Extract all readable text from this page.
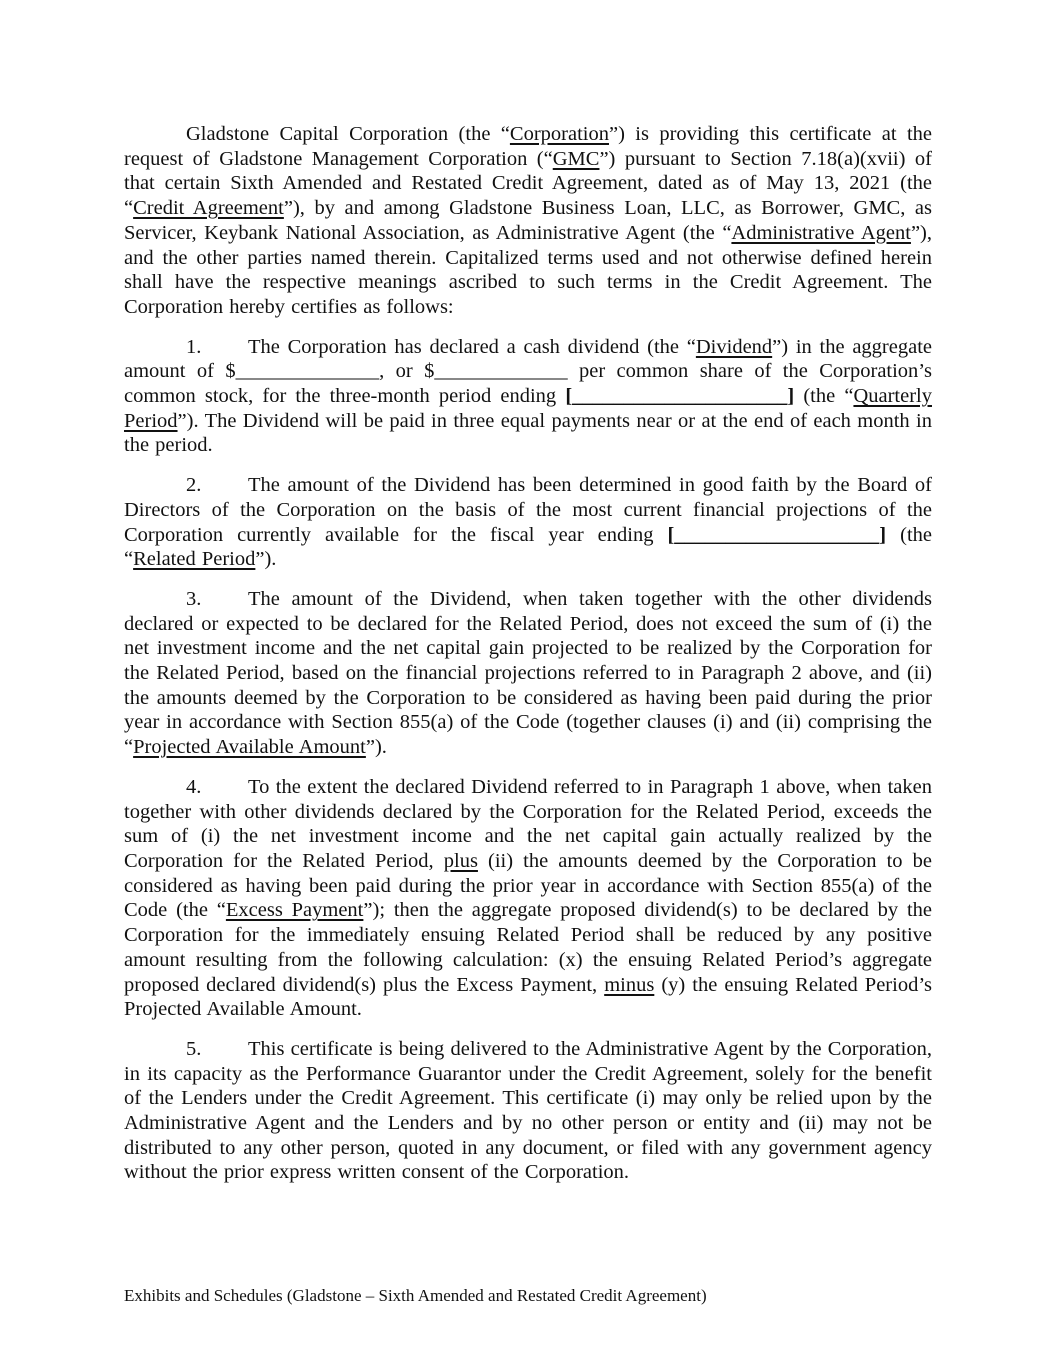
Gladstone Capital Corporation (the “Corporation”) is providing this certificate at the request of Gladstone Management Corporation (“GMC”) pursuant to Section 7.18(a)(xvii) of that certain Sixth Amended and Restated Credit Agreement, dated as of May 13, 2021 (the “Credit Agreement”), by and among Gladstone Business Loan, LLC, as Borrower, GMC, as Servicer, Keybank National Association, as Administrative Agent (the “Administrative Agent”), and the other parties named therein. Capitalized terms used and not otherwise defined herein shall have the respective meanings ascribed to such terms in the Credit Agreement. The Corporation hereby certifies as follows:

1. The Corporation has declared a cash dividend (the “Dividend”) in the aggregate amount of $______________, or $_____________ per common share of the Corporation’s common stock, for the three-month period ending [_____________________] (the “Quarterly Period”). The Dividend will be paid in three equal payments near or at the end of each month in the period.

2. The amount of the Dividend has been determined in good faith by the Board of Directors of the Corporation on the basis of the most current financial projections of the Corporation currently available for the fiscal year ending [____________________] (the “Related Period”).

3. The amount of the Dividend, when taken together with the other dividends declared or expected to be declared for the Related Period, does not exceed the sum of (i) the net investment income and the net capital gain projected to be realized by the Corporation for the Related Period, based on the financial projections referred to in Paragraph 2 above, and (ii) the amounts deemed by the Corporation to be considered as having been paid during the prior year in accordance with Section 855(a) of the Code (together clauses (i) and (ii) comprising the “Projected Available Amount”).

4. To the extent the declared Dividend referred to in Paragraph 1 above, when taken together with other dividends declared by the Corporation for the Related Period, exceeds the sum of (i) the net investment income and the net capital gain actually realized by the Corporation for the Related Period, plus (ii) the amounts deemed by the Corporation to be considered as having been paid during the prior year in accordance with Section 855(a) of the Code (the “Excess Payment”); then the aggregate proposed dividend(s) to be declared by the Corporation for the immediately ensuing Related Period shall be reduced by any positive amount resulting from the following calculation: (x) the ensuing Related Period’s aggregate proposed declared dividend(s) plus the Excess Payment, minus (y) the ensuing Related Period’s Projected Available Amount.

5. This certificate is being delivered to the Administrative Agent by the Corporation, in its capacity as the Performance Guarantor under the Credit Agreement, solely for the benefit of the Lenders under the Credit Agreement. This certificate (i) may only be relied upon by the Administrative Agent and the Lenders and by no other person or entity and (ii) may not be distributed to any other person, quoted in any document, or filed with any government agency without the prior express written consent of the Corporation.

Exhibits and Schedules (Gladstone – Sixth Amended and Restated Credit Agreement)
